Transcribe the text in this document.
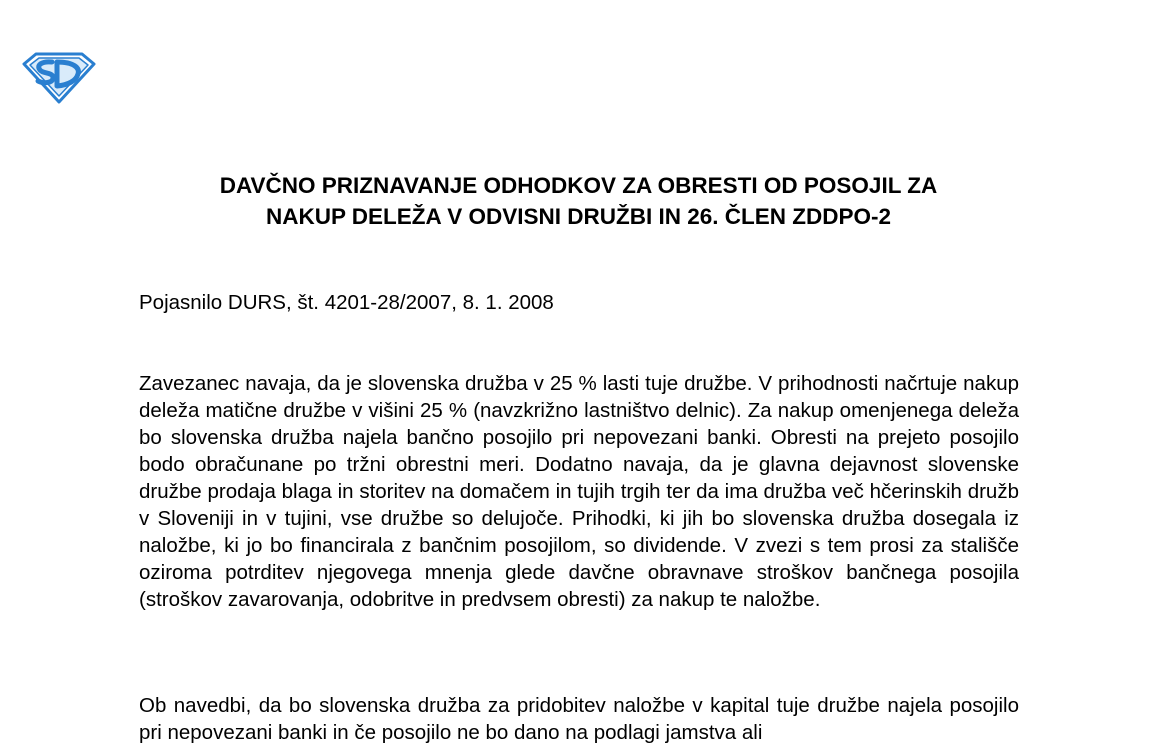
DAVČNO PRIZNAVANJE ODHODKOV ZA OBRESTI OD POSOJIL ZA
NAKUP DELEŽA V ODVISNI DRUŽBI IN 26. ČLEN ZDDPO-2

Pojasnilo DURS, št. 4201-28/2007, 8. 1. 2008

Zavezanec navaja, da je slovenska družba v 25 % lasti tuje družbe. V prihodnosti načrtuje nakup deleža matične družbe v višini 25 % (navzkrižno lastništvo delnic). Za nakup omenjenega deleža bo slovenska družba najela bančno posojilo pri nepovezani banki. Obresti na prejeto posojilo bodo obračunane po tržni obrestni meri. Dodatno navaja, da je glavna dejavnost slovenske družbe prodaja blaga in storitev na domačem in tujih trgih ter da ima družba več hčerinskih družb v Sloveniji in v tujini, vse družbe so delujoče. Prihodki, ki jih bo slovenska družba dosegala iz naložbe, ki jo bo financirala z bančnim posojilom, so dividende. V zvezi s tem prosi za stališče oziroma potrditev njegovega mnenja glede davčne obravnave stroškov bančnega posojila (stroškov zavarovanja, odobritve in predvsem obresti) za nakup te naložbe.

Ob navedbi, da bo slovenska družba za pridobitev naložbe v kapital tuje družbe najela posojilo pri nepovezani banki in če posojilo ne bo dano na podlagi jamstva ali
